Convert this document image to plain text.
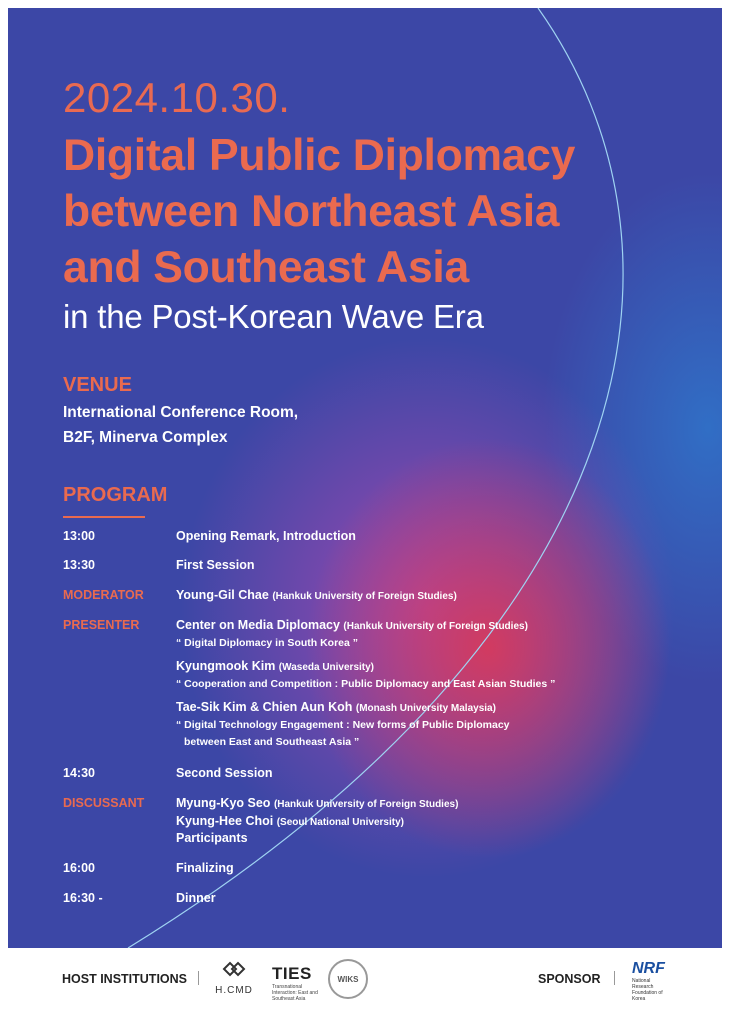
2024.10.30.
Digital Public Diplomacy
between Northeast Asia
and Southeast Asia
in the Post-Korean Wave Era
VENUE
International Conference Room,
B2F, Minerva Complex
PROGRAM
13:00	Opening Remark, Introduction
13:30	First Session
MODERATOR	Young-Gil Chae (Hankuk University of Foreign Studies)
PRESENTER	Center on Media Diplomacy (Hankuk University of Foreign Studies)
“ Digital Diplomacy in South Korea ”
Kyungmook Kim (Waseda University)
“ Cooperation and Competition : Public Diplomacy and East Asian Studies ”
Tae-Sik Kim & Chien Aun Koh (Monash University Malaysia)
“ Digital Technology Engagement : New forms of Public Diplomacy
between East and Southeast Asia ”
14:30	Second Session
DISCUSSANT	Myung-Kyo Seo (Hankuk University of Foreign Studies)
Kyung-Hee Choi (Seoul National University)
Participants
16:00	Finalizing
16:30 -	Dinner
HOST INSTITUTIONS
H.CMD
TIES
Transnational Interaction: East and Southeast Asia
WIKS	SPONSOR
NRF
National Research Foundation of Korea
